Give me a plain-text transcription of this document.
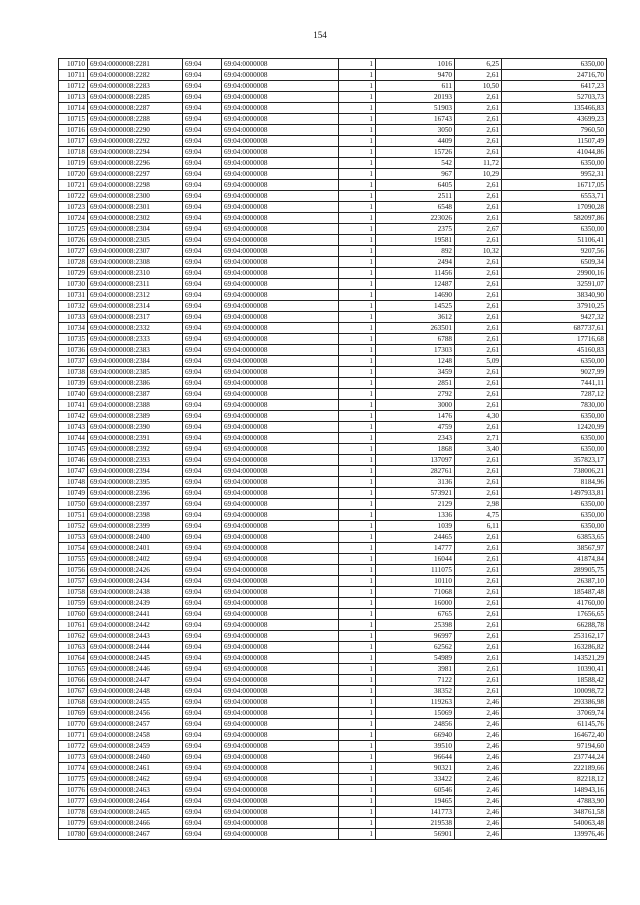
154
10710	69:04:0000008:2281	69:04	69:04:0000008	1	1016	6,25	6350,00
10711	69:04:0000008:2282	69:04	69:04:0000008	1	9470	2,61	24716,70
10712	69:04:0000008:2283	69:04	69:04:0000008	1	611	10,50	6417,23
10713	69:04:0000008:2285	69:04	69:04:0000008	1	20193	2,61	52703,73
10714	69:04:0000008:2287	69:04	69:04:0000008	1	51903	2,61	135466,83
10715	69:04:0000008:2288	69:04	69:04:0000008	1	16743	2,61	43699,23
10716	69:04:0000008:2290	69:04	69:04:0000008	1	3050	2,61	7960,50
10717	69:04:0000008:2292	69:04	69:04:0000008	1	4409	2,61	11507,49
10718	69:04:0000008:2294	69:04	69:04:0000008	1	15726	2,61	41044,86
10719	69:04:0000008:2296	69:04	69:04:0000008	1	542	11,72	6350,00
10720	69:04:0000008:2297	69:04	69:04:0000008	1	967	10,29	9952,31
10721	69:04:0000008:2298	69:04	69:04:0000008	1	6405	2,61	16717,05
10722	69:04:0000008:2300	69:04	69:04:0000008	1	2511	2,61	6553,71
10723	69:04:0000008:2301	69:04	69:04:0000008	1	6548	2,61	17090,28
10724	69:04:0000008:2302	69:04	69:04:0000008	1	223026	2,61	582097,86
10725	69:04:0000008:2304	69:04	69:04:0000008	1	2375	2,67	6350,00
10726	69:04:0000008:2305	69:04	69:04:0000008	1	19581	2,61	51106,41
10727	69:04:0000008:2307	69:04	69:04:0000008	1	892	10,32	9207,56
10728	69:04:0000008:2308	69:04	69:04:0000008	1	2494	2,61	6509,34
10729	69:04:0000008:2310	69:04	69:04:0000008	1	11456	2,61	29900,16
10730	69:04:0000008:2311	69:04	69:04:0000008	1	12487	2,61	32591,07
10731	69:04:0000008:2312	69:04	69:04:0000008	1	14690	2,61	38340,90
10732	69:04:0000008:2314	69:04	69:04:0000008	1	14525	2,61	37910,25
10733	69:04:0000008:2317	69:04	69:04:0000008	1	3612	2,61	9427,32
10734	69:04:0000008:2332	69:04	69:04:0000008	1	263501	2,61	687737,61
10735	69:04:0000008:2333	69:04	69:04:0000008	1	6788	2,61	17716,68
10736	69:04:0000008:2383	69:04	69:04:0000008	1	17303	2,61	45160,83
10737	69:04:0000008:2384	69:04	69:04:0000008	1	1248	5,09	6350,00
10738	69:04:0000008:2385	69:04	69:04:0000008	1	3459	2,61	9027,99
10739	69:04:0000008:2386	69:04	69:04:0000008	1	2851	2,61	7441,11
10740	69:04:0000008:2387	69:04	69:04:0000008	1	2792	2,61	7287,12
10741	69:04:0000008:2388	69:04	69:04:0000008	1	3000	2,61	7830,00
10742	69:04:0000008:2389	69:04	69:04:0000008	1	1476	4,30	6350,00
10743	69:04:0000008:2390	69:04	69:04:0000008	1	4759	2,61	12420,99
10744	69:04:0000008:2391	69:04	69:04:0000008	1	2343	2,71	6350,00
10745	69:04:0000008:2392	69:04	69:04:0000008	1	1868	3,40	6350,00
10746	69:04:0000008:2393	69:04	69:04:0000008	1	137097	2,61	357823,17
10747	69:04:0000008:2394	69:04	69:04:0000008	1	282761	2,61	738006,21
10748	69:04:0000008:2395	69:04	69:04:0000008	1	3136	2,61	8184,96
10749	69:04:0000008:2396	69:04	69:04:0000008	1	573921	2,61	1497933,81
10750	69:04:0000008:2397	69:04	69:04:0000008	1	2129	2,98	6350,00
10751	69:04:0000008:2398	69:04	69:04:0000008	1	1336	4,75	6350,00
10752	69:04:0000008:2399	69:04	69:04:0000008	1	1039	6,11	6350,00
10753	69:04:0000008:2400	69:04	69:04:0000008	1	24465	2,61	63853,65
10754	69:04:0000008:2401	69:04	69:04:0000008	1	14777	2,61	38567,97
10755	69:04:0000008:2402	69:04	69:04:0000008	1	16044	2,61	41874,84
10756	69:04:0000008:2426	69:04	69:04:0000008	1	111075	2,61	289905,75
10757	69:04:0000008:2434	69:04	69:04:0000008	1	10110	2,61	26387,10
10758	69:04:0000008:2438	69:04	69:04:0000008	1	71068	2,61	185487,48
10759	69:04:0000008:2439	69:04	69:04:0000008	1	16000	2,61	41760,00
10760	69:04:0000008:2441	69:04	69:04:0000008	1	6765	2,61	17656,65
10761	69:04:0000008:2442	69:04	69:04:0000008	1	25398	2,61	66288,78
10762	69:04:0000008:2443	69:04	69:04:0000008	1	96997	2,61	253162,17
10763	69:04:0000008:2444	69:04	69:04:0000008	1	62562	2,61	163286,82
10764	69:04:0000008:2445	69:04	69:04:0000008	1	54989	2,61	143521,29
10765	69:04:0000008:2446	69:04	69:04:0000008	1	3981	2,61	10390,41
10766	69:04:0000008:2447	69:04	69:04:0000008	1	7122	2,61	18588,42
10767	69:04:0000008:2448	69:04	69:04:0000008	1	38352	2,61	100098,72
10768	69:04:0000008:2455	69:04	69:04:0000008	1	119263	2,46	293386,98
10769	69:04:0000008:2456	69:04	69:04:0000008	1	15069	2,46	37069,74
10770	69:04:0000008:2457	69:04	69:04:0000008	1	24856	2,46	61145,76
10771	69:04:0000008:2458	69:04	69:04:0000008	1	66940	2,46	164672,40
10772	69:04:0000008:2459	69:04	69:04:0000008	1	39510	2,46	97194,60
10773	69:04:0000008:2460	69:04	69:04:0000008	1	96644	2,46	237744,24
10774	69:04:0000008:2461	69:04	69:04:0000008	1	90321	2,46	222189,66
10775	69:04:0000008:2462	69:04	69:04:0000008	1	33422	2,46	82218,12
10776	69:04:0000008:2463	69:04	69:04:0000008	1	60546	2,46	148943,16
10777	69:04:0000008:2464	69:04	69:04:0000008	1	19465	2,46	47883,90
10778	69:04:0000008:2465	69:04	69:04:0000008	1	141773	2,46	348761,58
10779	69:04:0000008:2466	69:04	69:04:0000008	1	219538	2,46	540063,48
10780	69:04:0000008:2467	69:04	69:04:0000008	1	56901	2,46	139976,46
